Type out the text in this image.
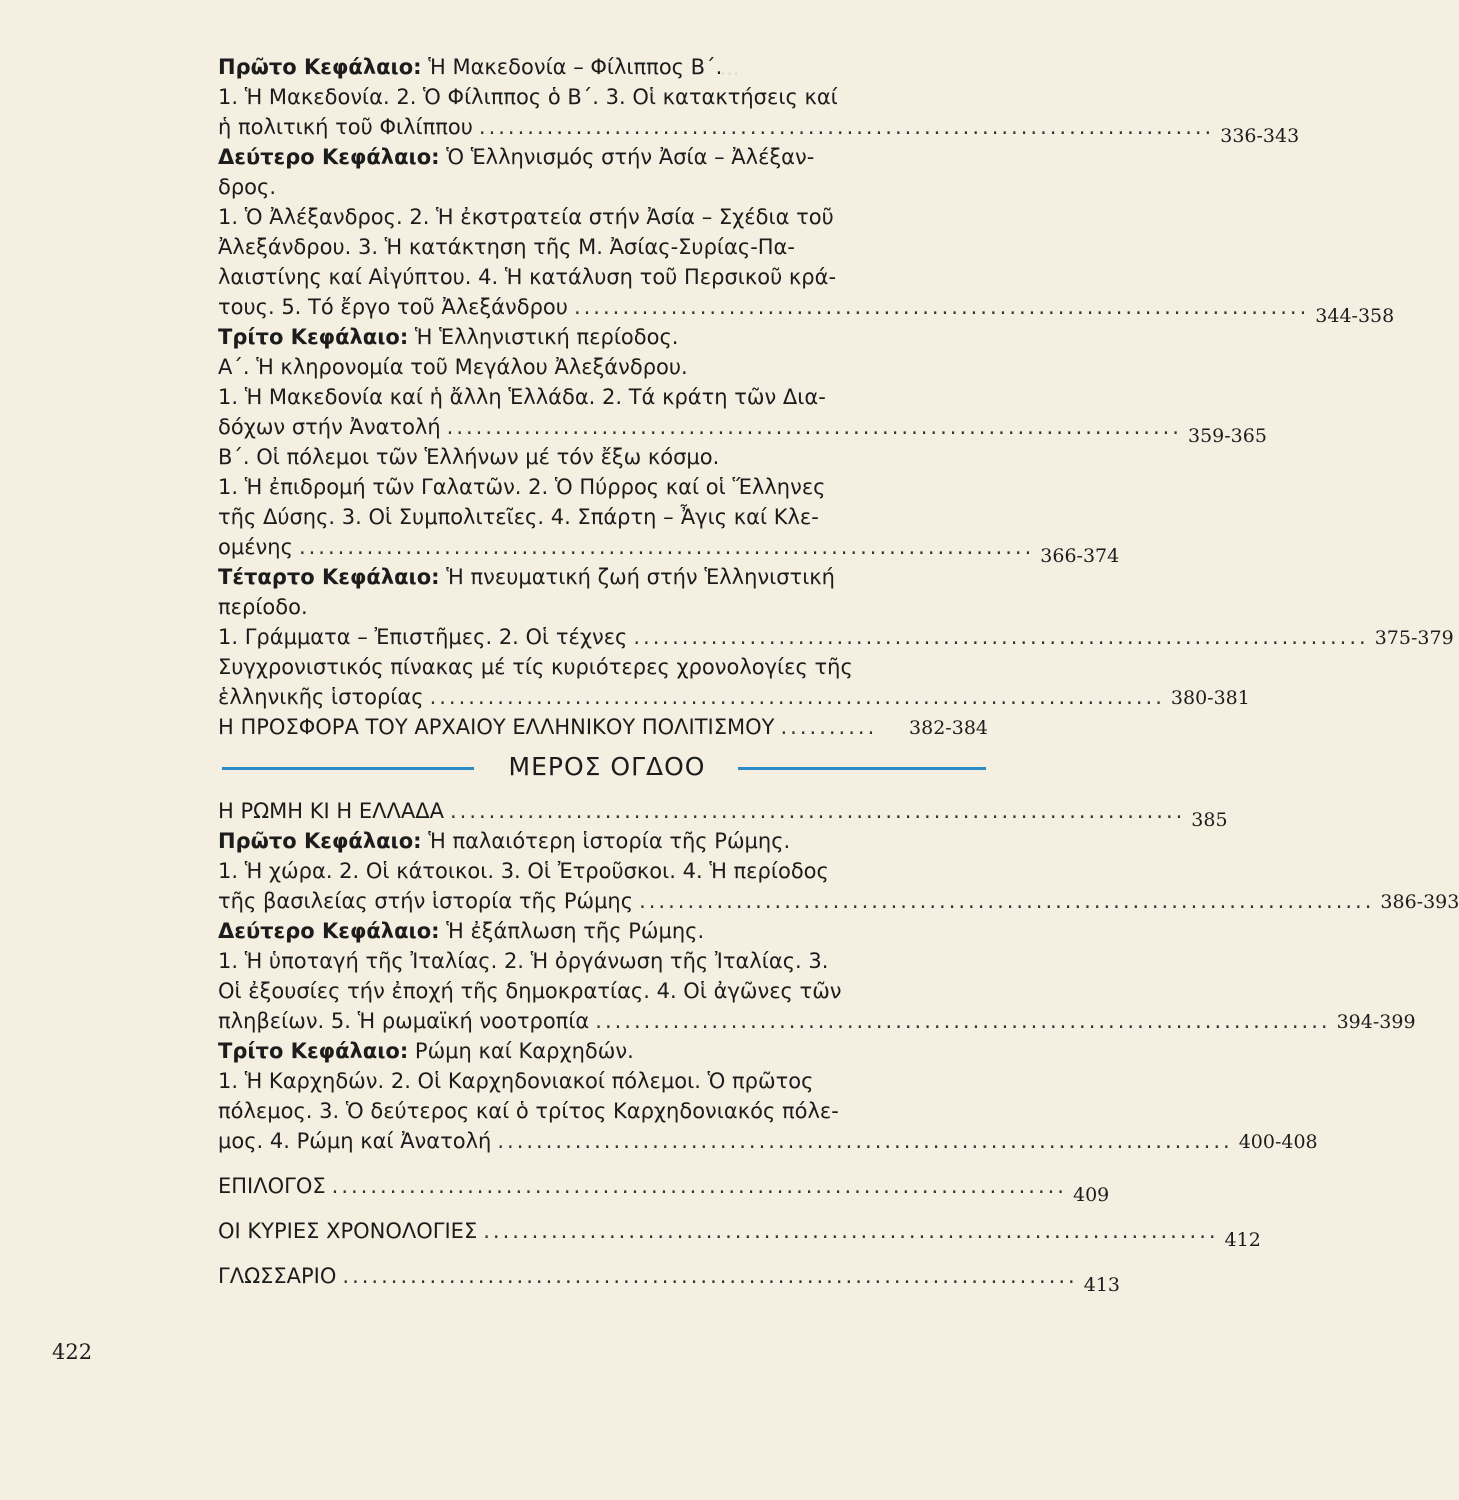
···
Πρῶτο Κεφάλαιο: Ἡ Μακεδονία – Φίλιππος Β΄.
1. Ἡ Μακεδονία. 2. Ὁ Φίλιππος ὁ Β΄. 3. Οἱ κατακτήσεις καί
ἡ πολιτική τοῦ Φιλίππου ............................................................................ 336-343
Δεύτερο Κεφάλαιο: Ὁ Ἑλληνισμός στήν Ἀσία – Ἀλέξαν-
δρος.
1. Ὁ Ἀλέξανδρος. 2. Ἡ ἐκστρατεία στήν Ἀσία – Σχέδια τοῦ
Ἀλεξάνδρου. 3. Ἡ κατάκτηση τῆς Μ. Ἀσίας-Συρίας-Πα-
λαιστίνης καί Αἰγύπτου. 4. Ἡ κατάλυση τοῦ Περσικοῦ κρά-
τους. 5. Τό ἔργο τοῦ Ἀλεξάνδρου ............................................................................ 344-358
Τρίτο Κεφάλαιο: Ἡ Ἑλληνιστική περίοδος.
Α΄. Ἡ κληρονομία τοῦ Μεγάλου Ἀλεξάνδρου.
1. Ἡ Μακεδονία καί ἡ ἄλλη Ἑλλάδα. 2. Τά κράτη τῶν Δια-
δόχων στήν Ἀνατολή ............................................................................ 359-365
Β΄. Οἱ πόλεμοι τῶν Ἑλλήνων μέ τόν ἔξω κόσμο.
1. Ἡ ἐπιδρομή τῶν Γαλατῶν. 2. Ὁ Πύρρος καί οἱ Ἕλληνες
τῆς Δύσης. 3. Οἱ Συμπολιτεῖες. 4. Σπάρτη – Ἆγις καί Κλε-
ομένης ............................................................................ 366-374
Τέταρτο Κεφάλαιο: Ἡ πνευματική ζωή στήν Ἑλληνιστική
περίοδο.
1. Γράμματα – Ἐπιστῆμες. 2. Οἱ τέχνες ............................................................................ 375-379
Συγχρονιστικός πίνακας μέ τίς κυριότερες χρονολογίες τῆς
ἑλληνικῆς ἱστορίας ............................................................................ 380-381
Η ΠΡΟΣΦΟΡΑ ΤΟΥ ΑΡΧΑΙΟΥ ΕΛΛΗΝΙΚΟΥ ΠΟΛΙΤΙΣΜΟΥ ..........	382-384
ΜΕΡΟΣ ΟΓΔΟΟ
Η ΡΩΜΗ ΚΙ Η ΕΛΛΑΔΑ ............................................................................ 385
Πρῶτο Κεφάλαιο: Ἡ παλαιότερη ἱστορία τῆς Ρώμης.
1. Ἡ χώρα. 2. Οἱ κάτοικοι. 3. Οἱ Ἐτροῦσκοι. 4. Ἡ περίοδος
τῆς βασιλείας στήν ἱστορία τῆς Ρώμης ............................................................................ 386-393
Δεύτερο Κεφάλαιο: Ἡ ἐξάπλωση τῆς Ρώμης.
1. Ἡ ὑποταγή τῆς Ἰταλίας. 2. Ἡ ὀργάνωση τῆς Ἰταλίας. 3.
Οἱ ἐξουσίες τήν ἐποχή τῆς δημοκρατίας. 4. Οἱ ἀγῶνες τῶν
πληβείων. 5. Ἡ ρωμαϊκή νοοτροπία ............................................................................ 394-399
Τρίτο Κεφάλαιο: Ρώμη καί Καρχηδών.
1. Ἡ Καρχηδών. 2. Οἱ Καρχηδονιακοί πόλεμοι. Ὁ πρῶτος
πόλεμος. 3. Ὁ δεύτερος καί ὁ τρίτος Καρχηδονιακός πόλε-
μος. 4. Ρώμη καί Ἀνατολή ............................................................................ 400-408
ΕΠΙΛΟΓΟΣ ............................................................................ 409
ΟΙ ΚΥΡΙΕΣ ΧΡΟΝΟΛΟΓΙΕΣ ............................................................................ 412
ΓΛΩΣΣΑΡΙΟ ............................................................................ 413
422
